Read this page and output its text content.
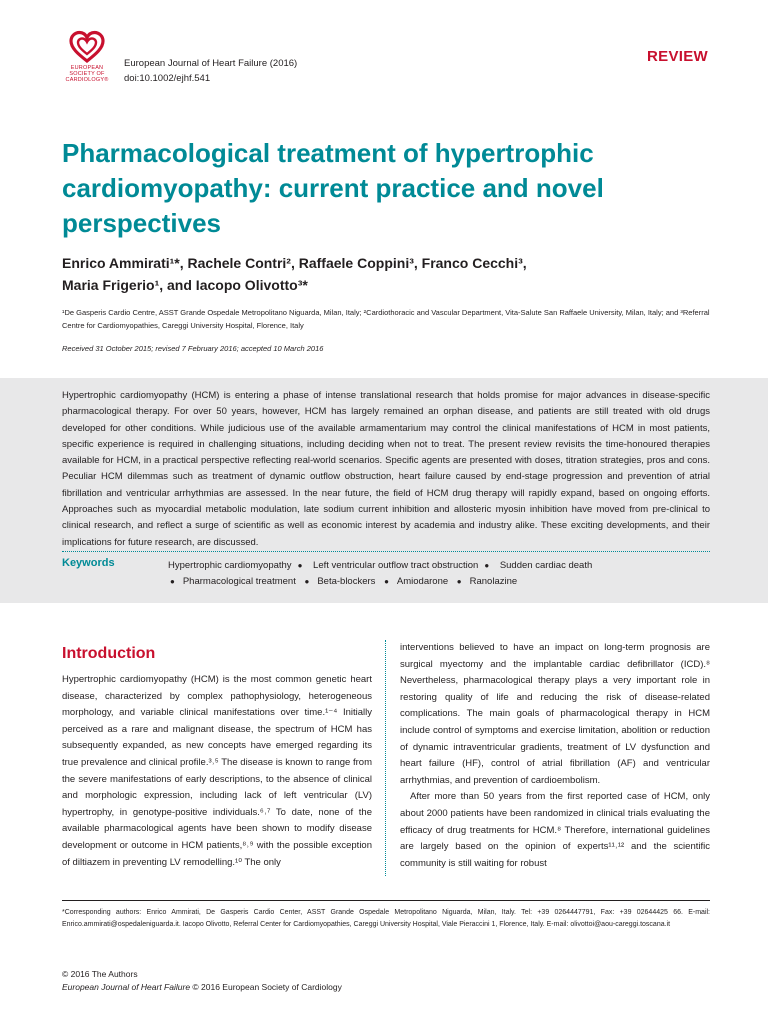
EUROPEAN
SOCIETY OF
CARDIOLOGY®
European Journal of Heart Failure (2016)
doi:10.1002/ejhf.541
REVIEW
Pharmacological treatment of hypertrophic cardiomyopathy: current practice and novel perspectives
Enrico Ammirati¹*, Rachele Contri², Raffaele Coppini³, Franco Cecchi³,
Maria Frigerio¹, and Iacopo Olivotto³*
¹De Gasperis Cardio Centre, ASST Grande Ospedale Metropolitano Niguarda, Milan, Italy; ²Cardiothoracic and Vascular Department, Vita-Salute San Raffaele University, Milan, Italy; and ³Referral Centre for Cardiomyopathies, Careggi University Hospital, Florence, Italy
Received 31 October 2015; revised 7 February 2016; accepted 10 March 2016

Hypertrophic cardiomyopathy (HCM) is entering a phase of intense translational research that holds promise for major advances in disease-specific pharmacological therapy. For over 50 years, however, HCM has largely remained an orphan disease, and patients are still treated with old drugs developed for other conditions. While judicious use of the available armamentarium may control the clinical manifestations of HCM in most patients, specific experience is required in challenging situations, including deciding when not to treat. The present review revisits the time-honoured therapies available for HCM, in a practical perspective reflecting real-world scenarios. Specific agents are presented with doses, titration strategies, pros and cons. Peculiar HCM dilemmas such as treatment of dynamic outflow obstruction, heart failure caused by end-stage progression and prevention of atrial fibrillation and ventricular arrhythmias are assessed. In the near future, the field of HCM drug therapy will rapidly expand, based on ongoing efforts. Approaches such as myocardial metabolic modulation, late sodium current inhibition and allosteric myosin inhibition have moved from pre-clinical to clinical research, and reflect a surge of scientific as well as economic interest by academia and industry alike. These exciting developments, and their implications for future research, are discussed.

Keywords	Hypertrophic cardiomyopathy ● Left ventricular outflow tract obstruction ● Sudden cardiac death
● Pharmacological treatment ● Beta-blockers ● Amiodarone ● Ranolazine
Introduction

Hypertrophic cardiomyopathy (HCM) is the most common genetic heart disease, characterized by complex pathophysiology, heterogeneous morphology, and variable clinical manifestations over time.¹⁻⁴ Initially perceived as a rare and malignant disease, the spectrum of HCM has subsequently expanded, as new concepts have emerged regarding its true prevalence and clinical profile.³˒⁵ The disease is known to range from the severe manifestations of early descriptions, to the absence of clinical and morphologic expression, including lack of left ventricular (LV) hypertrophy, in genotype-positive individuals.⁶˒⁷ To date, none of the available pharmacological agents have been shown to modify disease development or outcome in HCM patients,⁸˒⁹ with the possible exception of diltiazem in preventing LV remodelling.¹⁰ The only

interventions believed to have an impact on long-term prognosis are surgical myectomy and the implantable cardiac defibrillator (ICD).⁸ Nevertheless, pharmacological therapy plays a very important role in restoring quality of life and reducing the risk of disease-related complications. The main goals of pharmacological therapy in HCM include control of symptoms and exercise limitation, abolition or reduction of dynamic intraventricular gradients, treatment of LV dysfunction and heart failure (HF), control of atrial fibrillation (AF) and ventricular arrhythmias, and prevention of cardioembolism.

After more than 50 years from the first reported case of HCM, only about 2000 patients have been randomized in clinical trials evaluating the efficacy of drug treatments for HCM.⁸ Therefore, international guidelines are largely based on the opinion of experts¹¹˒¹² and the scientific community is still waiting for robust

*Corresponding authors: Enrico Ammirati, De Gasperis Cardio Center, ASST Grande Ospedale Metropolitano Niguarda, Milan, Italy. Tel: +39 0264447791, Fax: +39 02644425 66. E-mail: Enrico.ammirati@ospedaleniguarda.it. Iacopo Olivotto, Referral Center for Cardiomyopathies, Careggi University Hospital, Viale Pieraccini 1, Florence, Italy. E-mail: olivottoi@aou-careggi.toscana.it

© 2016 The Authors
European Journal of Heart Failure © 2016 European Society of Cardiology
